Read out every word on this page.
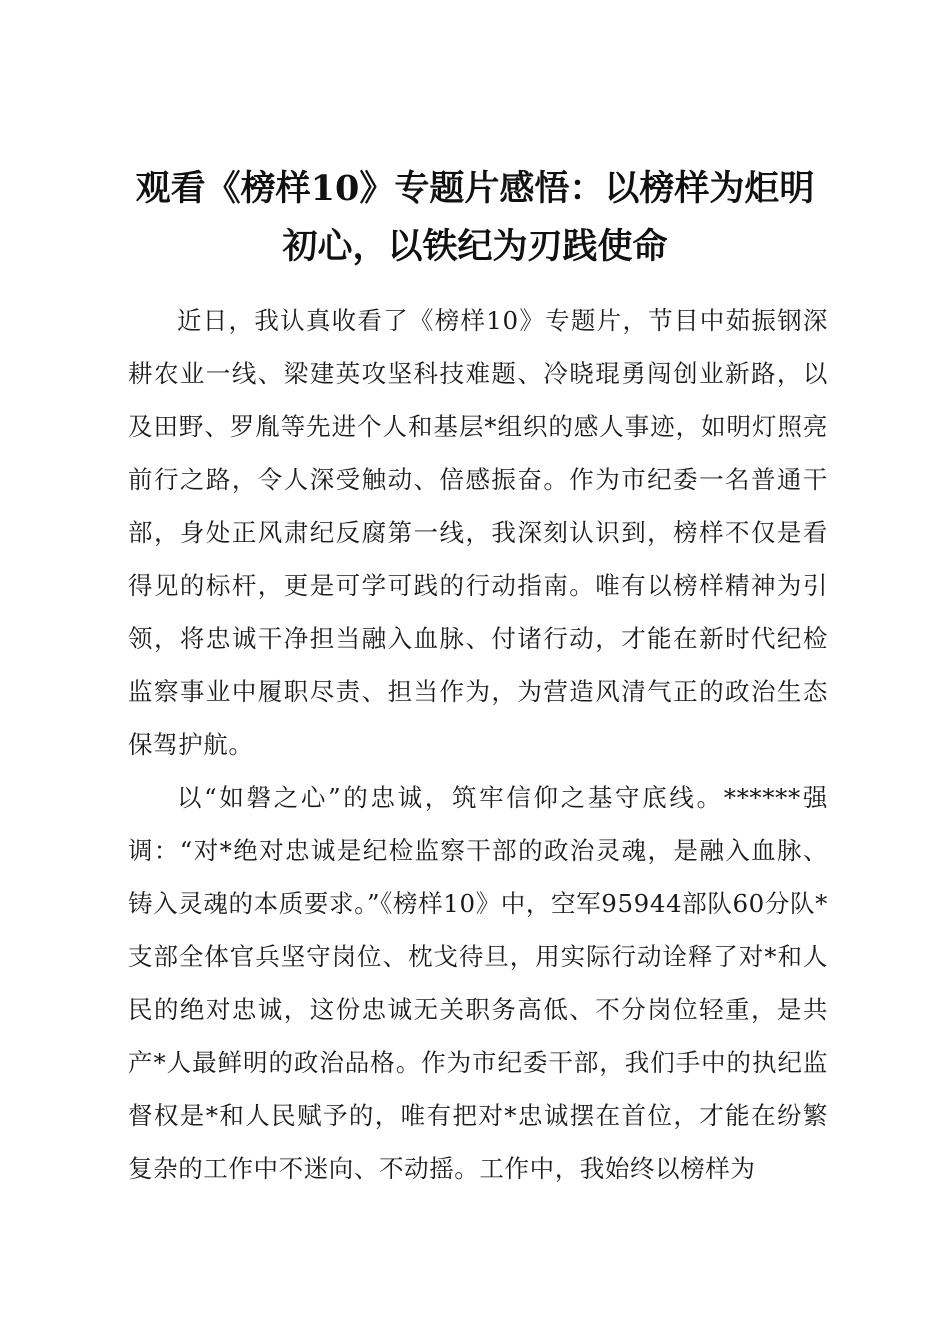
观看《榜样10》专题片感悟：以榜样为炬明初心，以铁纪为刃践使命

近日，我认真收看了《榜样10》专题片，节目中茹振钢深耕农业一线、梁建英攻坚科技难题、冷晓琨勇闯创业新路，以及田野、罗胤等先进个人和基层*组织的感人事迹，如明灯照亮前行之路，令人深受触动、倍感振奋。作为市纪委一名普通干部，身处正风肃纪反腐第一线，我深刻认识到，榜样不仅是看得见的标杆，更是可学可践的行动指南。唯有以榜样精神为引领，将忠诚干净担当融入血脉、付诸行动，才能在新时代纪检监察事业中履职尽责、担当作为，为营造风清气正的政治生态保驾护航。

以“如磐之心”的忠诚，筑牢信仰之基守底线。******强调：“对*绝对忠诚是纪检监察干部的政治灵魂，是融入血脉、铸入灵魂的本质要求。”《榜样10》中，空军95944部队60分队*支部全体官兵坚守岗位、枕戈待旦，用实际行动诠释了对*和人民的绝对忠诚，这份忠诚无关职务高低、不分岗位轻重，是共产*人最鲜明的政治品格。作为市纪委干部，我们手中的执纪监督权是*和人民赋予的，唯有把对*忠诚摆在首位，才能在纷繁复杂的工作中不迷向、不动摇。工作中，我始终以榜样为
